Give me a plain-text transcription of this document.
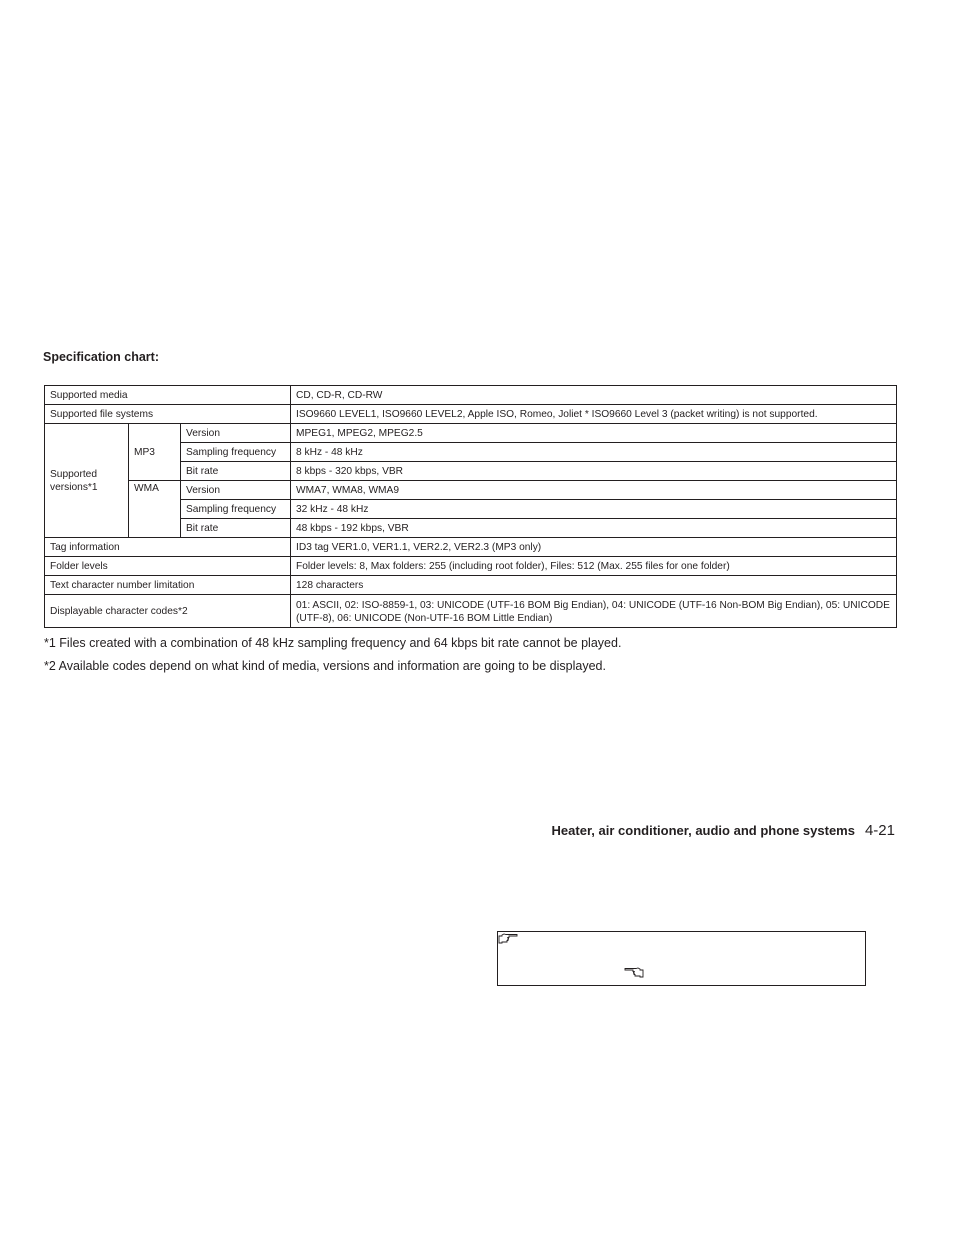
Specification chart:
Supported media			CD, CD-R, CD-RW
Supported file systems			ISO9660 LEVEL1, ISO9660 LEVEL2, Apple ISO, Romeo, Joliet * ISO9660 Level 3 (packet writing) is not supported.
Supported versions*1	MP3	Version	MPEG1, MPEG2, MPEG2.5
		Sampling frequency	8 kHz - 48 kHz
		Bit rate	8 kbps - 320 kbps, VBR
	WMA	Version	WMA7, WMA8, WMA9
		Sampling frequency	32 kHz - 48 kHz
		Bit rate	48 kbps - 192 kbps, VBR
Tag information			ID3 tag VER1.0, VER1.1, VER2.2, VER2.3 (MP3 only)
Folder levels			Folder levels: 8, Max folders: 255 (including root folder), Files: 512 (Max. 255 files for one folder)
Text character number limitation			128 characters
Displayable character codes*2			01: ASCII, 02: ISO-8859-1, 03: UNICODE (UTF-16 BOM Big Endian), 04: UNICODE (UTF-16 Non-BOM Big Endian), 05: UNICODE (UTF-8), 06: UNICODE (Non-UTF-16 BOM Little Endian)

*1 Files created with a combination of 48 kHz sampling frequency and 64 kbps bit rate cannot be played.

*2 Available codes depend on what kind of media, versions and information are going to be displayed.

Heater, air conditioner, audio and phone systems 4-21
